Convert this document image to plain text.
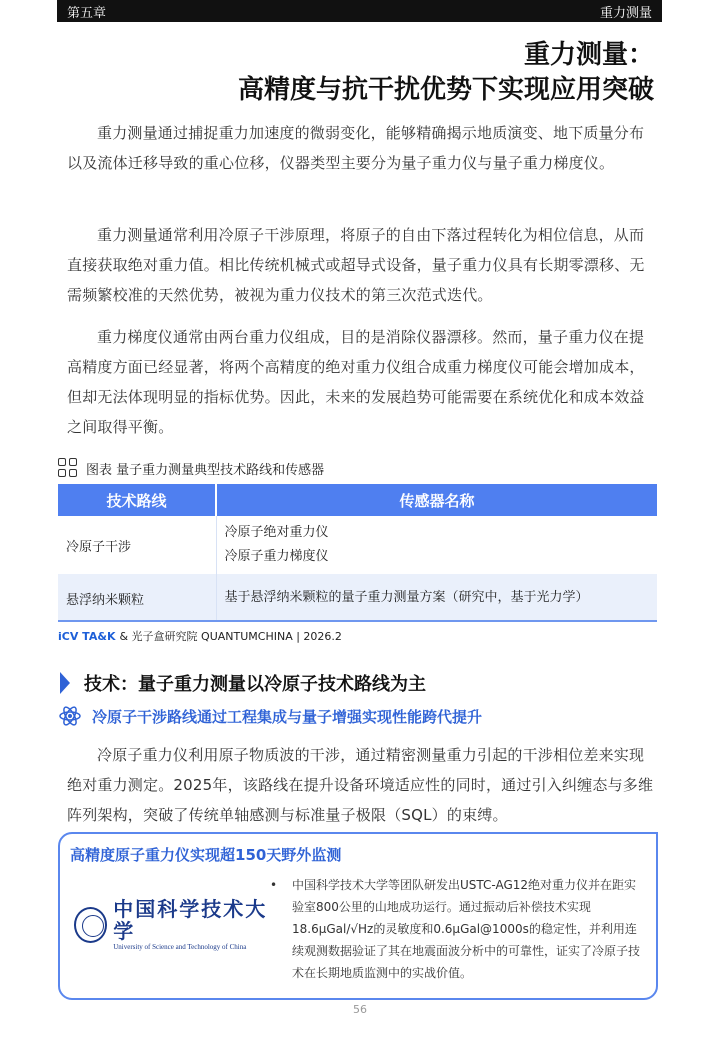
第五章	重力测量
重力测量：
高精度与抗干扰优势下实现应用突破

重力测量通过捕捉重力加速度的微弱变化，能够精确揭示地质演变、地下质量分布以及流体迁移导致的重心位移，仪器类型主要分为量子重力仪与量子重力梯度仪。

重力测量通常利用冷原子干涉原理，将原子的自由下落过程转化为相位信息，从而直接获取绝对重力值。相比传统机械式或超导式设备，量子重力仪具有长期零漂移、无需频繁校准的天然优势，被视为重力仪技术的第三次范式迭代。

重力梯度仪通常由两台重力仪组成，目的是消除仪器漂移。然而，量子重力仪在提高精度方面已经显著，将两个高精度的绝对重力仪组合成重力梯度仪可能会增加成本，但却无法体现明显的指标优势。因此，未来的发展趋势可能需要在系统优化和成本效益之间取得平衡。

图表 量子重力测量典型技术路线和传感器
技术路线	传感器名称
冷原子干涉	冷原子绝对重力仪
冷原子重力梯度仪

悬浮纳米颗粒	基于悬浮纳米颗粒的量子重力测量方案（研究中，基于光力学）
iCV TA&K & 光子盒研究院 QUANTUMCHINA | 2026.2
技术：量子重力测量以冷原子技术路线为主
冷原子干涉路线通过工程集成与量子增强实现性能跨代提升

冷原子重力仪利用原子物质波的干涉，通过精密测量重力引起的干涉相位差来实现绝对重力测定。2025年，该路线在提升设备环境适应性的同时，通过引入纠缠态与多维阵列架构，突破了传统单轴感测与标准量子极限（SQL）的束缚。

高精度原子重力仪实现超150天野外监测
中国科学技术大学
University of Science and Technology of China
• 中国科学技术大学等团队研发出USTC-AG12绝对重力仪并在距实验室800公里的山地成功运行。通过振动后补偿技术实现18.6μGal/√Hz的灵敏度和0.6μGal@1000s的稳定性，并利用连续观测数据验证了其在地震面波分析中的可靠性，证实了冷原子技术在长期地质监测中的实战价值。
56
